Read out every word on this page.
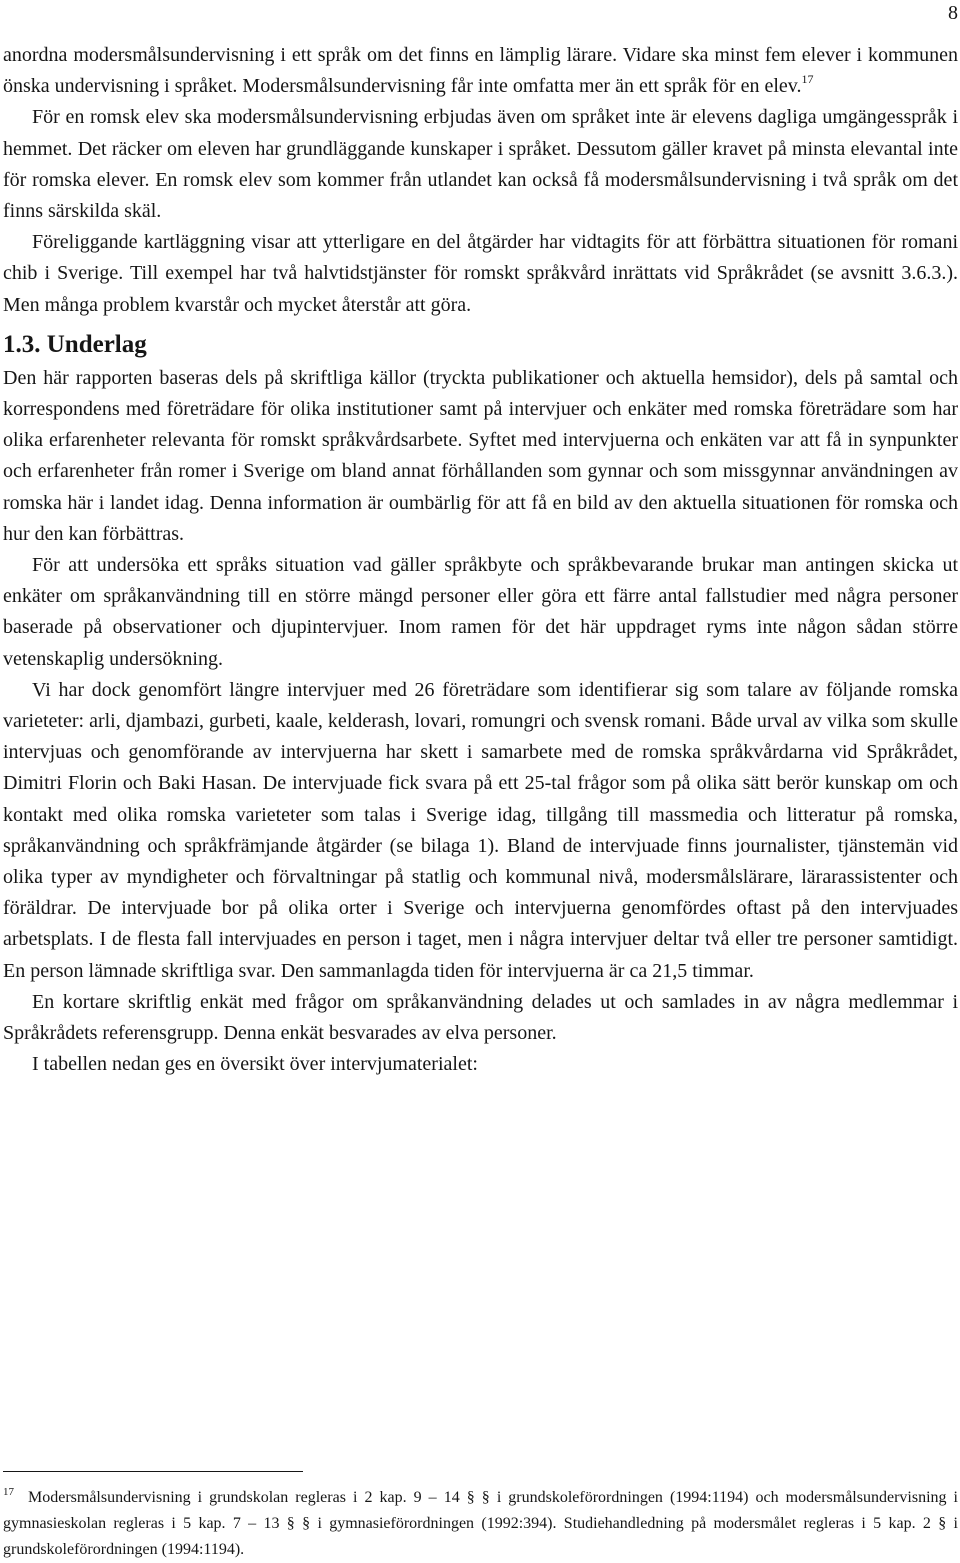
8

anordna modersmålsundervisning i ett språk om det finns en lämplig lärare. Vidare ska minst fem elever i kommunen önska undervisning i språket. Modersmålsundervisning får inte omfatta mer än ett språk för en elev.$^{17}$

För en romsk elev ska modersmålsundervisning erbjudas även om språket inte är elevens dagliga umgängesspråk i hemmet. Det räcker om eleven har grundläggande kunskaper i språket. Dessutom gäller kravet på minsta elevantal inte för romska elever. En romsk elev som kommer från utlandet kan också få modersmålsundervisning i två språk om det finns särskilda skäl.

Föreliggande kartläggning visar att ytterligare en del åtgärder har vidtagits för att förbättra situationen för romani chib i Sverige. Till exempel har två halvtidstjänster för romskt språkvård inrättats vid Språkrådet (se avsnitt 3.6.3.). Men många problem kvarstår och mycket återstår att göra.

1.3. Underlag

Den här rapporten baseras dels på skriftliga källor (tryckta publikationer och aktuella hemsidor), dels på samtal och korrespondens med företrädare för olika institutioner samt på intervjuer och enkäter med romska företrädare som har olika erfarenheter relevanta för romskt språkvårdsarbete. Syftet med intervjuerna och enkäten var att få in synpunkter och erfarenheter från romer i Sverige om bland annat förhållanden som gynnar och som missgynnar användningen av romska här i landet idag. Denna information är oumbärlig för att få en bild av den aktuella situationen för romska och hur den kan förbättras.

För att undersöka ett språks situation vad gäller språkbyte och språkbevarande brukar man antingen skicka ut enkäter om språkanvändning till en större mängd personer eller göra ett färre antal fallstudier med några personer baserade på observationer och djupintervjuer. Inom ramen för det här uppdraget ryms inte någon sådan större vetenskaplig undersökning.

Vi har dock genomfört längre intervjuer med 26 företrädare som identifierar sig som talare av följande romska varieteter: arli, djambazi, gurbeti, kaale, kelderash, lovari, romungri och svensk romani. Både urval av vilka som skulle intervjuas och genomförande av intervjuerna har skett i samarbete med de romska språkvårdarna vid Språkrådet, Dimitri Florin och Baki Hasan. De intervjuade fick svara på ett 25-tal frågor som på olika sätt berör kunskap om och kontakt med olika romska varieteter som talas i Sverige idag, tillgång till massmedia och litteratur på romska, språkanvändning och språkfrämjande åtgärder (se bilaga 1). Bland de intervjuade finns journalister, tjänstemän vid olika typer av myndigheter och förvaltningar på statlig och kommunal nivå, modersmålslärare, lärarassistenter och föräldrar. De intervjuade bor på olika orter i Sverige och intervjuerna genomfördes oftast på den intervjuades arbetsplats. I de flesta fall intervjuades en person i taget, men i några intervjuer deltar två eller tre personer samtidigt. En person lämnade skriftliga svar. Den sammanlagda tiden för intervjuerna är ca 21,5 timmar.

En kortare skriftlig enkät med frågor om språkanvändning delades ut och samlades in av några medlemmar i Språkrådets referensgrupp. Denna enkät besvarades av elva personer.

I tabellen nedan ges en översikt över intervjumaterialet:

$^{17}$ Modersmålsundervisning i grundskolan regleras i 2 kap. 9 – 14 § § i grundskoleförordningen (1994:1194) och modersmålsundervisning i gymnasieskolan regleras i 5 kap. 7 – 13 § § i gymnasieförordningen (1992:394). Studiehandledning på modersmålet regleras i 5 kap. 2 § i grundskoleförordningen (1994:1194).
